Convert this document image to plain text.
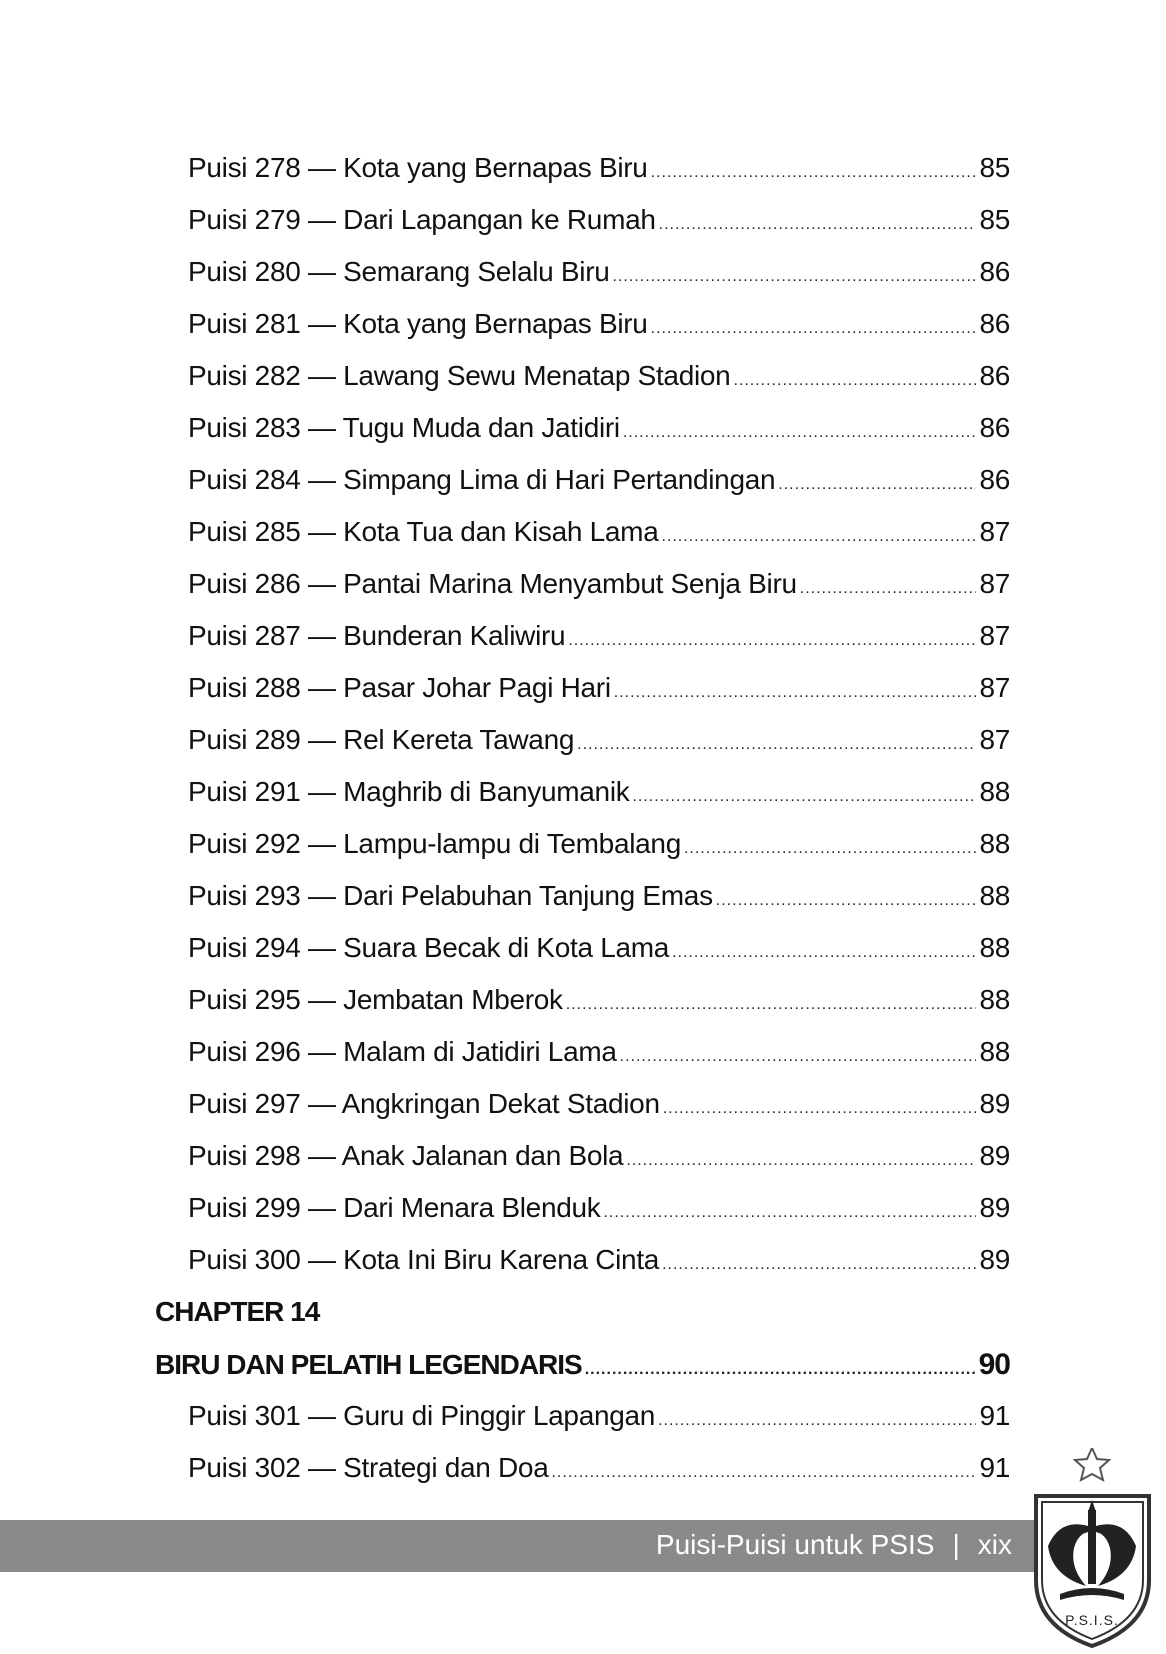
Puisi 278 — Kota yang Bernapas Biru .....	85
Puisi 279 — Dari Lapangan ke Rumah .....	85
Puisi 280 — Semarang Selalu Biru .....	86
Puisi 281 — Kota yang Bernapas Biru .....	86
Puisi 282 — Lawang Sewu Menatap Stadion .....	86
Puisi 283 — Tugu Muda dan Jatidiri .....	86
Puisi 284 — Simpang Lima di Hari Pertandingan .....	86
Puisi 285 — Kota Tua dan Kisah Lama .....	87
Puisi 286 — Pantai Marina Menyambut Senja Biru .....	87
Puisi 287 — Bunderan Kaliwiru .....	87
Puisi 288 — Pasar Johar Pagi Hari .....	87
Puisi 289 — Rel Kereta Tawang .....	87
Puisi 291 — Maghrib di Banyumanik .....	88
Puisi 292 — Lampu-lampu di Tembalang .....	88
Puisi 293 — Dari Pelabuhan Tanjung Emas .....	88
Puisi 294 — Suara Becak di Kota Lama .....	88
Puisi 295 — Jembatan Mberok .....	88
Puisi 296 — Malam di Jatidiri Lama .....	88
Puisi 297 — Angkringan Dekat Stadion .....	89
Puisi 298 — Anak Jalanan dan Bola .....	89
Puisi 299 — Dari Menara Blenduk .....	89
Puisi 300 — Kota Ini Biru Karena Cinta .....	89
CHAPTER 14
BIRU DAN PELATIH LEGENDARIS .....	90
Puisi 301 — Guru di Pinggir Lapangan .....	91
Puisi 302 — Strategi dan Doa .....	91
Puisi-Puisi untuk PSIS | xix
P.S.I.S.
